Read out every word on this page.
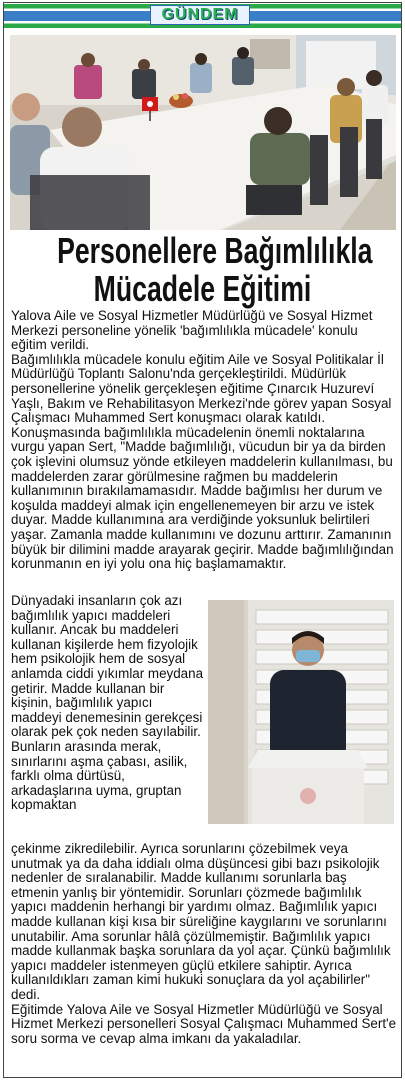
GÜNDEM
Personellere Bağımlılıkla
Mücadele Eğitimi
Yalova Aile ve Sosyal Hizmetler Müdürlüğü ve Sosyal Hizmet Merkezi personeline yönelik 'bağımlılıkla mücadele' konulu eğitim verildi.
Bağımlılıkla mücadele konulu eğitim Aile ve Sosyal Politikalar İl Müdürlüğü Toplantı Salonu'nda gerçekleştirildi. Müdürlük personellerine yönelik gerçekleşen eğitime Çınarcık Huzureví Yaşlı, Bakım ve Rehabilitasyon Merkezi'nde görev yapan Sosyal Çalışmacı Muhammed Sert konuşmacı olarak katıldı.
Konuşmasında bağımlılıkla mücadelenin önemli noktalarına vurgu yapan Sert, "Madde bağımlılığı, vücudun bir ya da birden çok işlevini olumsuz yönde etkileyen maddelerin kullanılması, bu maddelerden zarar görülmesine rağmen bu maddelerin kullanımının bırakılamamasıdır. Madde bağımlısı her durum ve koşulda maddeyi almak için engellenemeyen bir arzu ve istek duyar. Madde kullanımına ara verdiğinde yoksunluk belirtileri yaşar. Zamanla madde kullanımını ve dozunu arttırır. Zamanının büyük bir dilimini madde arayarak geçirir. Madde bağımlılığından korunmanın en iyi yolu ona hiç başlamamaktır.
Dünyadaki insanların çok azı bağımlılık yapıcı maddeleri kullanır. Ancak bu maddeleri kullanan kişilerde hem fizyolojik hem psikolojik hem de sosyal anlamda ciddi yıkımlar meydana getirir. Madde kullanan bir kişinin, bağımlılık yapıcı maddeyi denemesinin gerekçesi olarak pek çok neden sayılabilir. Bunların arasında merak, sınırlarını aşma çabası, asilik, farklı olma dürtüsü, arkadaşlarına uyma, gruptan kopmaktan
çekinme zikredilebilir. Ayrıca sorunlarını çözebilmek veya unutmak ya da daha iddialı olma düşüncesi gibi bazı psikolojik nedenler de sıralanabilir. Madde kullanımı sorunlarla baş etmenin yanlış bir yöntemidir. Sorunları çözmede bağımlılık yapıcı maddenin herhangi bir yardımı olmaz. Bağımlılık yapıcı madde kullanan kişi kısa bir süreliğine kaygılarını ve sorunlarını unutabilir. Ama sorunlar hâlâ çözülmemiştir. Bağımlılık yapıcı madde kullanmak başka sorunlara da yol açar. Çünkü bağımlılık yapıcı maddeler istenmeyen güçlü etkilere sahiptir. Ayrıca kullanıldıkları zaman kimi hukuki sonuçlara da yol açabilirler" dedi.
Eğitimde Yalova Aile ve Sosyal Hizmetler Müdürlüğü ve Sosyal Hizmet Merkezi personelleri Sosyal Çalışmacı Muhammed Sert'e soru sorma ve cevap alma imkanı da yakaladılar.
